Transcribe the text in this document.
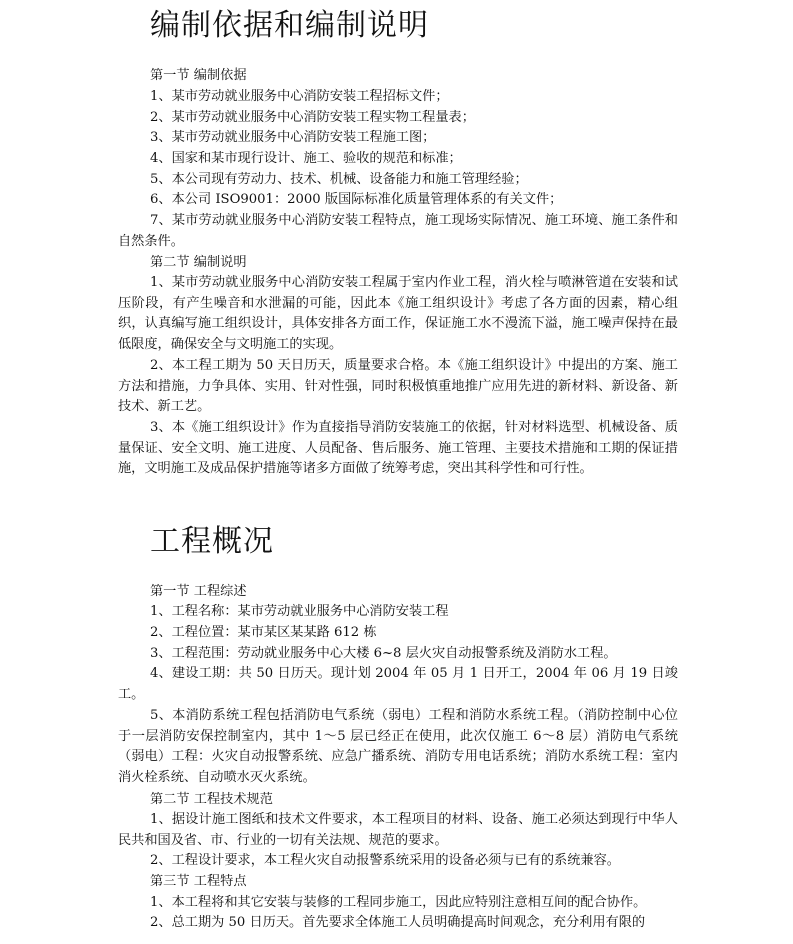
编制依据和编制说明

第一节 编制依据

1、某市劳动就业服务中心消防安装工程招标文件；

2、某市劳动就业服务中心消防安装工程实物工程量表；

3、某市劳动就业服务中心消防安装工程施工图；

4、国家和某市现行设计、施工、验收的规范和标准；

5、本公司现有劳动力、技术、机械、设备能力和施工管理经验；

6、本公司 ISO9001：2000 版国际标准化质量管理体系的有关文件；

7、某市劳动就业服务中心消防安装工程特点，施工现场实际情况、施工环境、施工条件和自然条件。

第二节 编制说明

1、某市劳动就业服务中心消防安装工程属于室内作业工程，消火栓与喷淋管道在安装和试压阶段，有产生噪音和水泄漏的可能，因此本《施工组织设计》考虑了各方面的因素，精心组织，认真编写施工组织设计，具体安排各方面工作，保证施工水不漫流下溢，施工噪声保持在最低限度，确保安全与文明施工的实现。

2、本工程工期为 50 天日历天，质量要求合格。本《施工组织设计》中提出的方案、施工方法和措施，力争具体、实用、针对性强，同时积极慎重地推广应用先进的新材料、新设备、新技术、新工艺。

3、本《施工组织设计》作为直接指导消防安装施工的依据，针对材料选型、机械设备、质量保证、安全文明、施工进度、人员配备、售后服务、施工管理、主要技术措施和工期的保证措施，文明施工及成品保护措施等诸多方面做了统筹考虑，突出其科学性和可行性。

工程概况

第一节 工程综述

1、工程名称：某市劳动就业服务中心消防安装工程

2、工程位置：某市某区某某路 612 栋

3、工程范围：劳动就业服务中心大楼 6~8 层火灾自动报警系统及消防水工程。

4、建设工期：共 50 日历天。现计划 2004 年 05 月 1 日开工，2004 年 06 月 19 日竣工。

5、本消防系统工程包括消防电气系统（弱电）工程和消防水系统工程。（消防控制中心位于一层消防安保控制室内，其中 1～5 层已经正在使用，此次仅施工 6～8 层）消防电气系统（弱电）工程：火灾自动报警系统、应急广播系统、消防专用电话系统；消防水系统工程：室内消火栓系统、自动喷水灭火系统。

第二节 工程技术规范

1、据设计施工图纸和技术文件要求，本工程项目的材料、设备、施工必须达到现行中华人民共和国及省、市、行业的一切有关法规、规范的要求。

2、工程设计要求，本工程火灾自动报警系统采用的设备必须与已有的系统兼容。

第三节 工程特点

1、本工程将和其它安装与装修的工程同步施工，因此应特别注意相互间的配合协作。

2、总工期为 50 日历天。首先要求全体施工人员明确提高时间观念，充分利用有限的
